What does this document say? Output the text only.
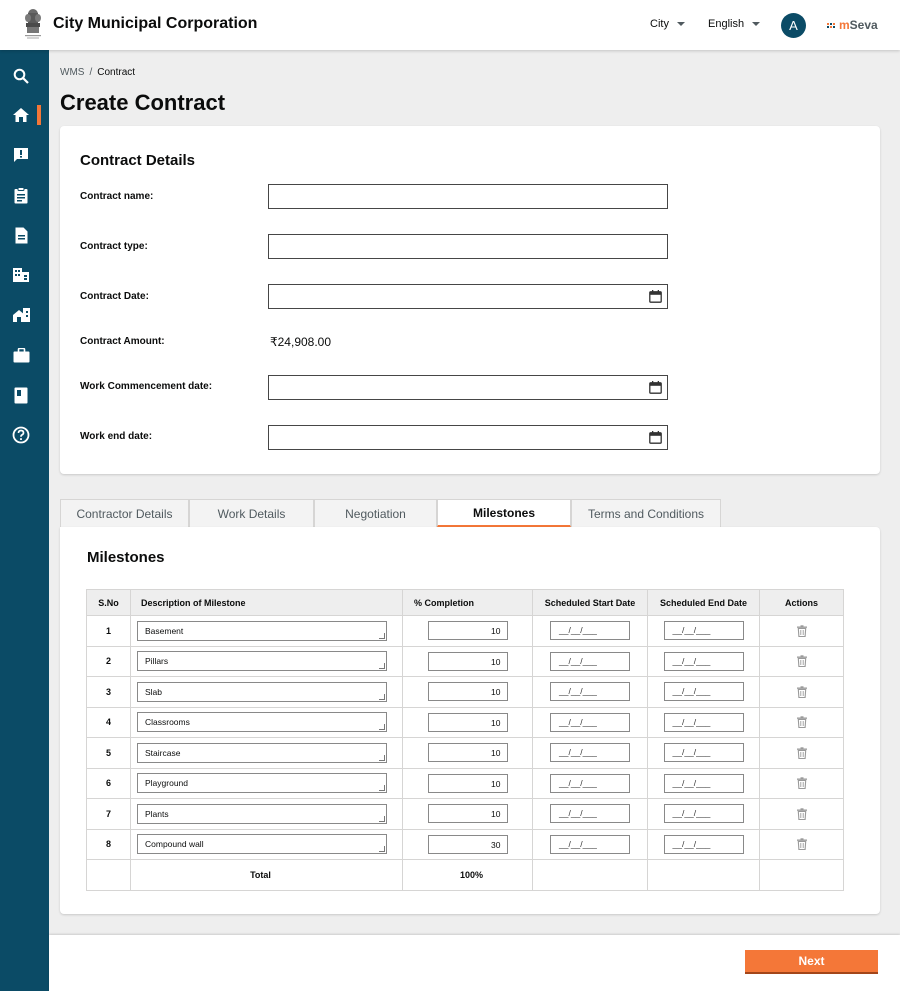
City Municipal Corporation	City	English	A	mSeva
WMS / Contract
Create Contract
Contract Details
Contract name:
Contract type:
Contract Date:
Contract Amount:	₹24,908.00
Work Commencement date:
Work end date:
Contractor Details	Work Details	Negotiation	Milestones	Terms and Conditions
Milestones
S.No	Description of Milestone	% Completion	Scheduled Start Date	Scheduled End Date	Actions
1	Basement	10	__/__/___	__/__/___

2	Pillars	10	__/__/___	__/__/___

3	Slab	10	__/__/___	__/__/___

4	Classrooms	10	__/__/___	__/__/___

5	Staircase	10	__/__/___	__/__/___

6	Playground	10	__/__/___	__/__/___

7	Plants	10	__/__/___	__/__/___

8	Compound wall	30	__/__/___	__/__/___

	Total	100%			
Next
